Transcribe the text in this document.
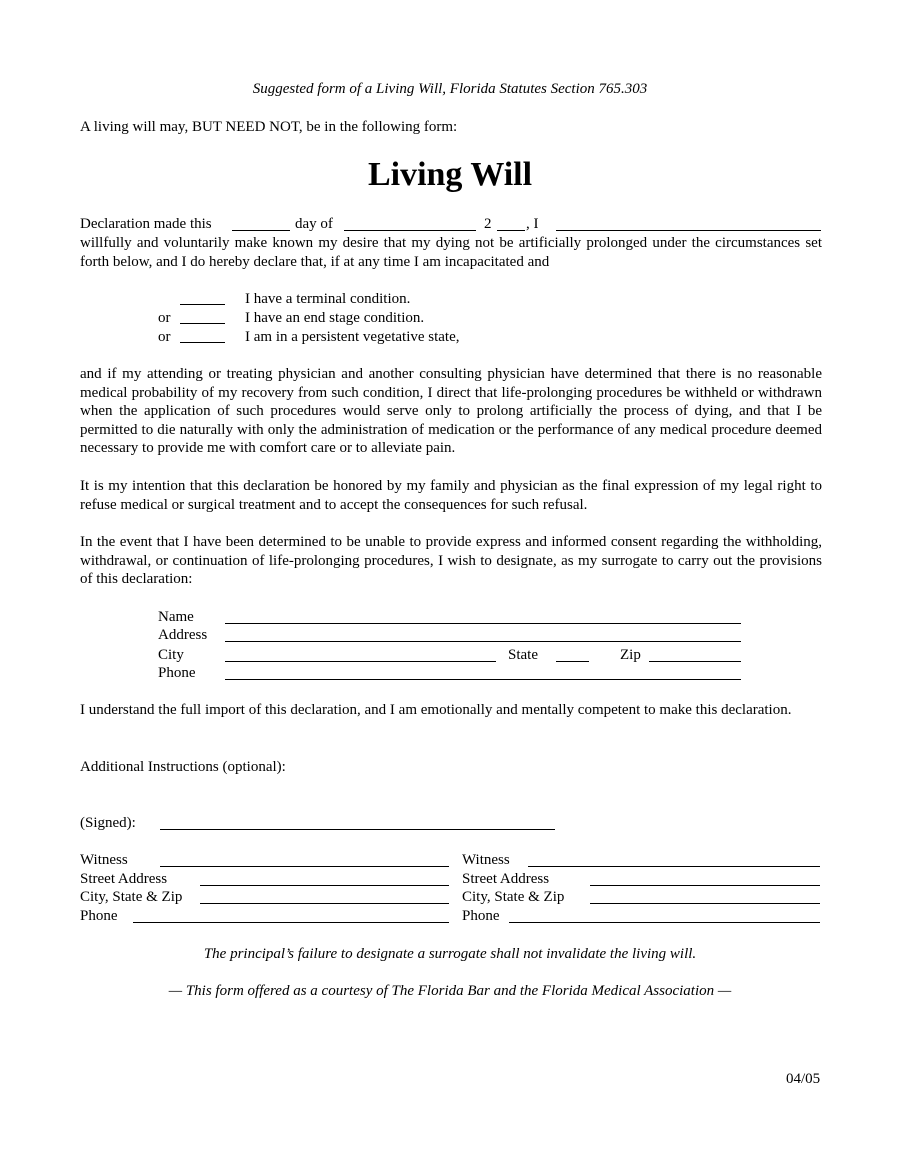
Suggested form of a Living Will, Florida Statutes Section 765.303
A living will may, BUT NEED NOT, be in the following form:
Living Will
Declaration made this	day of	2 , I
willfully and voluntarily make known my desire that my dying not be artificially prolonged under the circumstances set forth below, and I do hereby declare that, if at any time I am incapacitated and
I have a terminal condition.
or	I have an end stage condition.
or	I am in a persistent vegetative state,
and if my attending or treating physician and another consulting physician have determined that there is no reasonable medical probability of my recovery from such condition, I direct that life-prolonging procedures be withheld or withdrawn when the application of such procedures would serve only to prolong artificially the process of dying, and that I be permitted to die naturally with only the administration of medication or the performance of any medical procedure deemed necessary to provide me with comfort care or to alleviate pain.
It is my intention that this declaration be honored by my family and physician as the final expression of my legal right to refuse medical or surgical treatment and to accept the consequences for such refusal.
In the event that I have been determined to be unable to provide express and informed consent regarding the withholding, withdrawal, or continuation of life-prolonging procedures, I wish to designate, as my surrogate to carry out the provisions of this declaration:
Name
Address
City	State	Zip
Phone
I understand the full import of this declaration, and I am emotionally and mentally competent to make this declaration.
Additional Instructions (optional):
(Signed):
Witness
Street Address
City, State & Zip
Phone
Witness
Street Address
City, State & Zip
Phone
The principal’s failure to designate a surrogate shall not invalidate the living will.
— This form offered as a courtesy of The Florida Bar and the Florida Medical Association —
04/05
